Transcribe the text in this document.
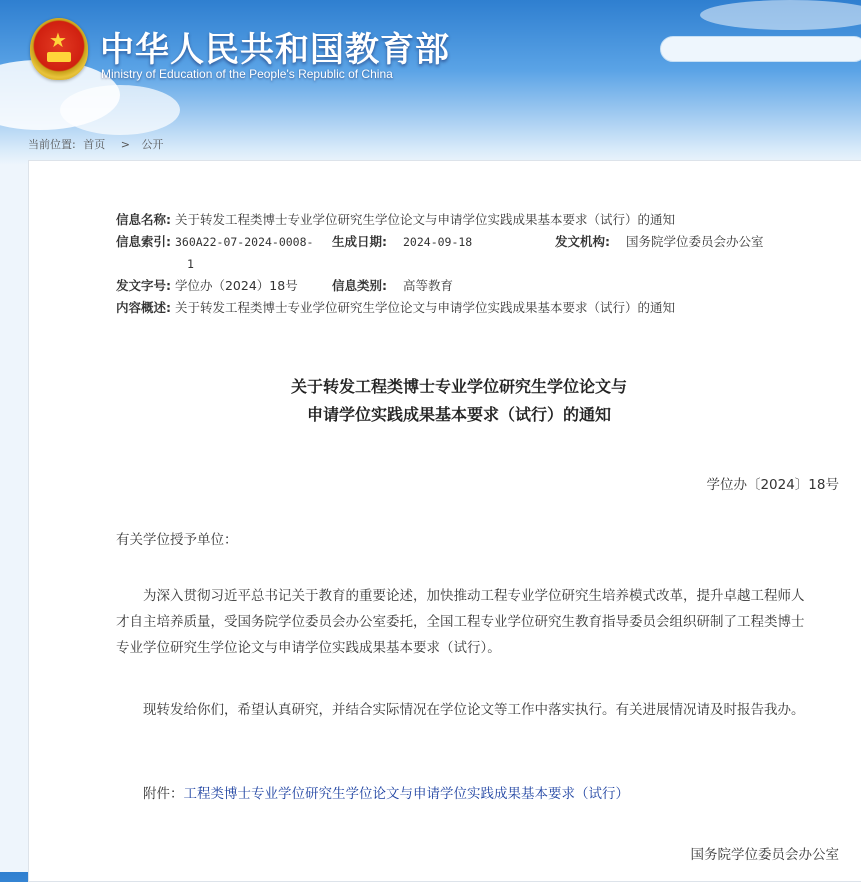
★ 中华人民共和国教育部
Ministry of Education of the People's Republic of China
当前位置: 首页 > 公开
信息名称: 关于转发工程类博士专业学位研究生学位论文与申请学位实践成果基本要求（试行）的通知
信息索引: 360A22-07-2024-0008- 生成日期: 2024-09-18	发文机构: 国务院学位委员会办公室
1
发文字号: 学位办（2024）18号	信息类别: 高等教育
内容概述: 关于转发工程类博士专业学位研究生学位论文与申请学位实践成果基本要求（试行）的通知
关于转发工程类博士专业学位研究生学位论文与
申请学位实践成果基本要求（试行）的通知
学位办〔2024〕18号
有关学位授予单位：
为深入贯彻习近平总书记关于教育的重要论述，加快推动工程专业学位研究生培养模式改革，提升卓越工程师人才自主培养质量，受国务院学位委员会办公室委托，全国工程专业学位研究生教育指导委员会组织研制了工程类博士专业学位研究生学位论文与申请学位实践成果基本要求（试行）。
现转发给你们，希望认真研究，并结合实际情况在学位论文等工作中落实执行。有关进展情况请及时报告我办。
附件：工程类博士专业学位研究生学位论文与申请学位实践成果基本要求（试行）
国务院学位委员会办公室
